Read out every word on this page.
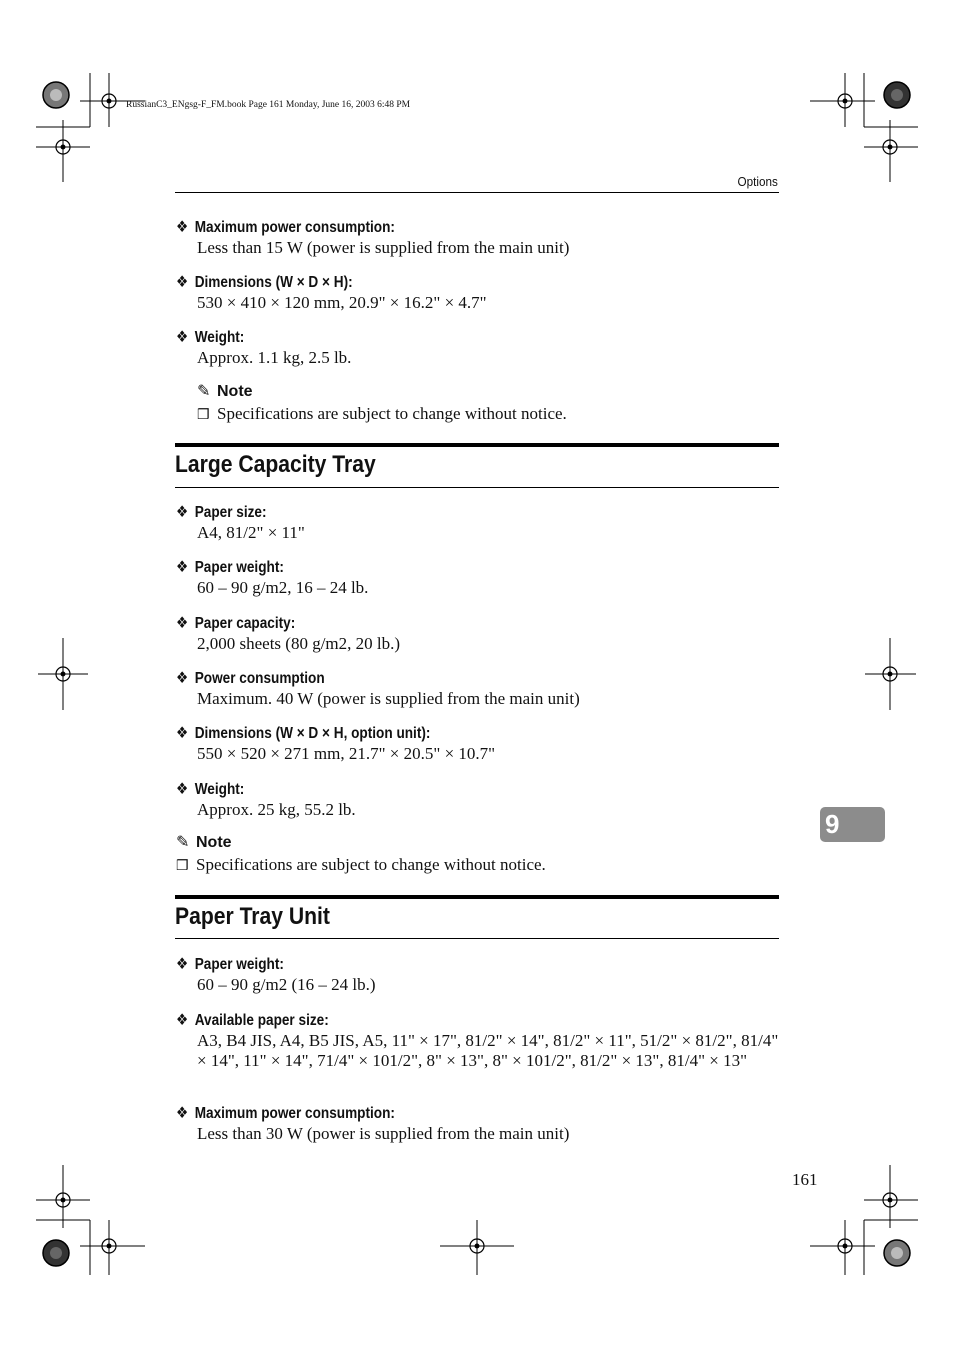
RussianC3_ENgsg-F_FM.book Page 161 Monday, June 16, 2003 6:48 PM
Options
❖ Maximum power consumption:
Less than 15 W (power is supplied from the main unit)
❖ Dimensions (W × D × H):
530 × 410 × 120 mm, 20.9" × 16.2" × 4.7"
❖ Weight:
Approx. 1.1 kg, 2.5 lb.
✎ Note
❒ Specifications are subject to change without notice.
Large Capacity Tray
❖ Paper size:
A4, 81/2" × 11"
❖ Paper weight:
60 – 90 g/m2, 16 – 24 lb.
❖ Paper capacity:
2,000 sheets (80 g/m2, 20 lb.)
❖ Power consumption
Maximum. 40 W (power is supplied from the main unit)
❖ Dimensions (W × D × H, option unit):
550 × 520 × 271 mm, 21.7" × 20.5" × 10.7"
❖ Weight:
Approx. 25 kg, 55.2 lb.
✎ Note
❒ Specifications are subject to change without notice.
Paper Tray Unit
❖ Paper weight:
60 – 90 g/m2 (16 – 24 lb.)
❖ Available paper size:
A3, B4 JIS, A4, B5 JIS, A5, 11" × 17", 81/2" × 14", 81/2" × 11", 51/2" × 81/2", 81/4" × 14", 11" × 14", 71/4" × 101/2", 8" × 13", 8" × 101/2", 81/2" × 13", 81/4" × 13"
❖ Maximum power consumption:
Less than 30 W (power is supplied from the main unit)
9
161
